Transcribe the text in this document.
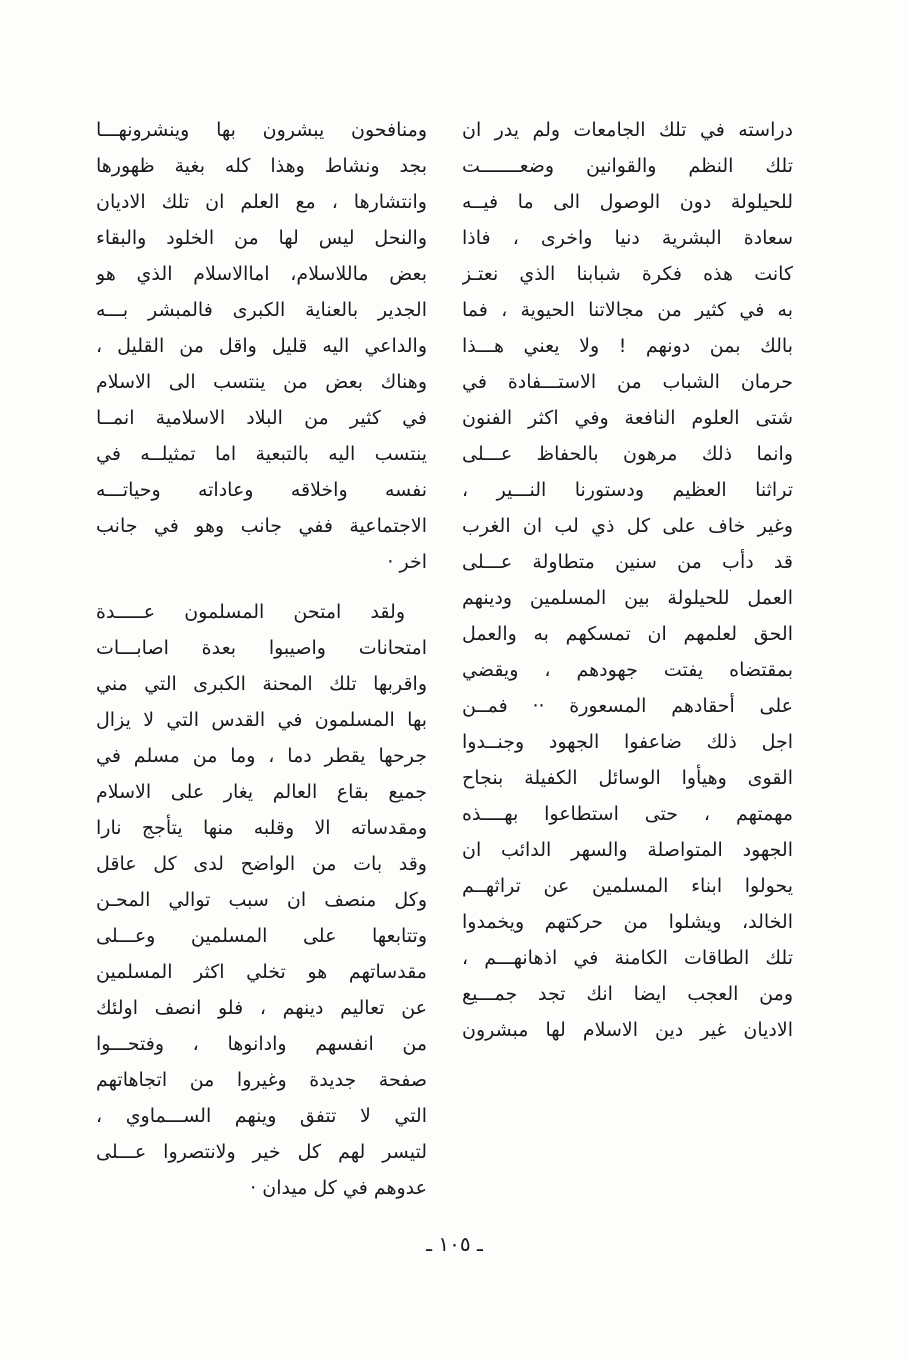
دراسته في تلك الجامعات ولم يدر ان
تلك النظم والقوانين وضعـــــــت
للحيلولة دون الوصول الى ما فيــه
سعادة البشرية دنيا واخرى ، فاذا
كانت هذه فكرة شبابنا الذي نعتـز
به في كثير من مجالاتنا الحيوية ، فما
بالك بمن دونهم ! ولا يعني هـــذا
حرمان الشباب من الاستـــفادة في
شتى العلوم النافعة وفي اكثر الفنون
وانما ذلك مرهون بالحفاظ عـــلى
تراثنا العظيم ودستورنا النـــير ،
وغير خاف على كل ذي لب ان الغرب
قد دأب من سنين متطاولة عـــلى
العمل للحيلولة بين المسلمين ودينهم
الحق لعلمهم ان تمسكهم به والعمل
بمقتضاه يفتت جهودهم ، ويقضي
على أحقادهم المسعورة ·· فمــن
اجل ذلك ضاعفوا الجهود وجنــدوا
القوى وهيأوا الوسائل الكفيلة بنجاح
مهمتهم ، حتى استطاعوا بهــــذه
الجهود المتواصلة والسهر الدائب ان
يحولوا ابناء المسلمين عن تراثهــم
الخالد، ويشلوا من حركتهم ويخمدوا
تلك الطاقات الكامنة في اذهانهـــم ،
ومن العجب ايضا انك تجد جمـــيع
الاديان غير دين الاسلام لها مبشرون
ومنافحون يبشرون بها وينشرونهـــا
بجد ونشاط وهذا كله بغية ظهورها
وانتشارها ، مع العلم ان تلك الاديان
والنحل ليس لها من الخلود والبقاء
بعض ماللاسلام، اماالاسلام الذي هو
الجدير بالعناية الكبرى فالمبشر بـــه
والداعي اليه قليل واقل من القليل ،
وهناك بعض من ينتسب الى الاسلام
في كثير من البلاد الاسلامية انمــا
ينتسب اليه بالتبعية اما تمثيلــه في
نفسه واخلاقه وعاداته وحياتـــه
الاجتماعية ففي جانب وهو في جانب
اخر ·
ولقد امتحن المسلمون عـــــدة
امتحانات واصيبوا بعدة اصابـــات
واقربها تلك المحنة الكبرى التي مني
بها المسلمون في القدس التي لا يزال
جرحها يقطر دما ، وما من مسلم في
جميع بقاع العالم يغار على الاسلام
ومقدساته الا وقلبه منها يتأجج نارا
وقد بات من الواضح لدى كل عاقل
وكل منصف ان سبب توالي المحـن
وتتابعها على المسلمين وعـــلى
مقدساتهم هو تخلي اكثر المسلمين
عن تعاليم دينهم ، فلو انصف اولئك
من انفسهم وادانوها ، وفتحـــوا
صفحة جديدة وغيروا من اتجاهاتهم
التي لا تتفق وينهم الســـماوي ،
لتيسر لهم كل خير ولانتصروا عـــلى
عدوهم في كل ميدان ·
ـ ١٠٥ ـ
